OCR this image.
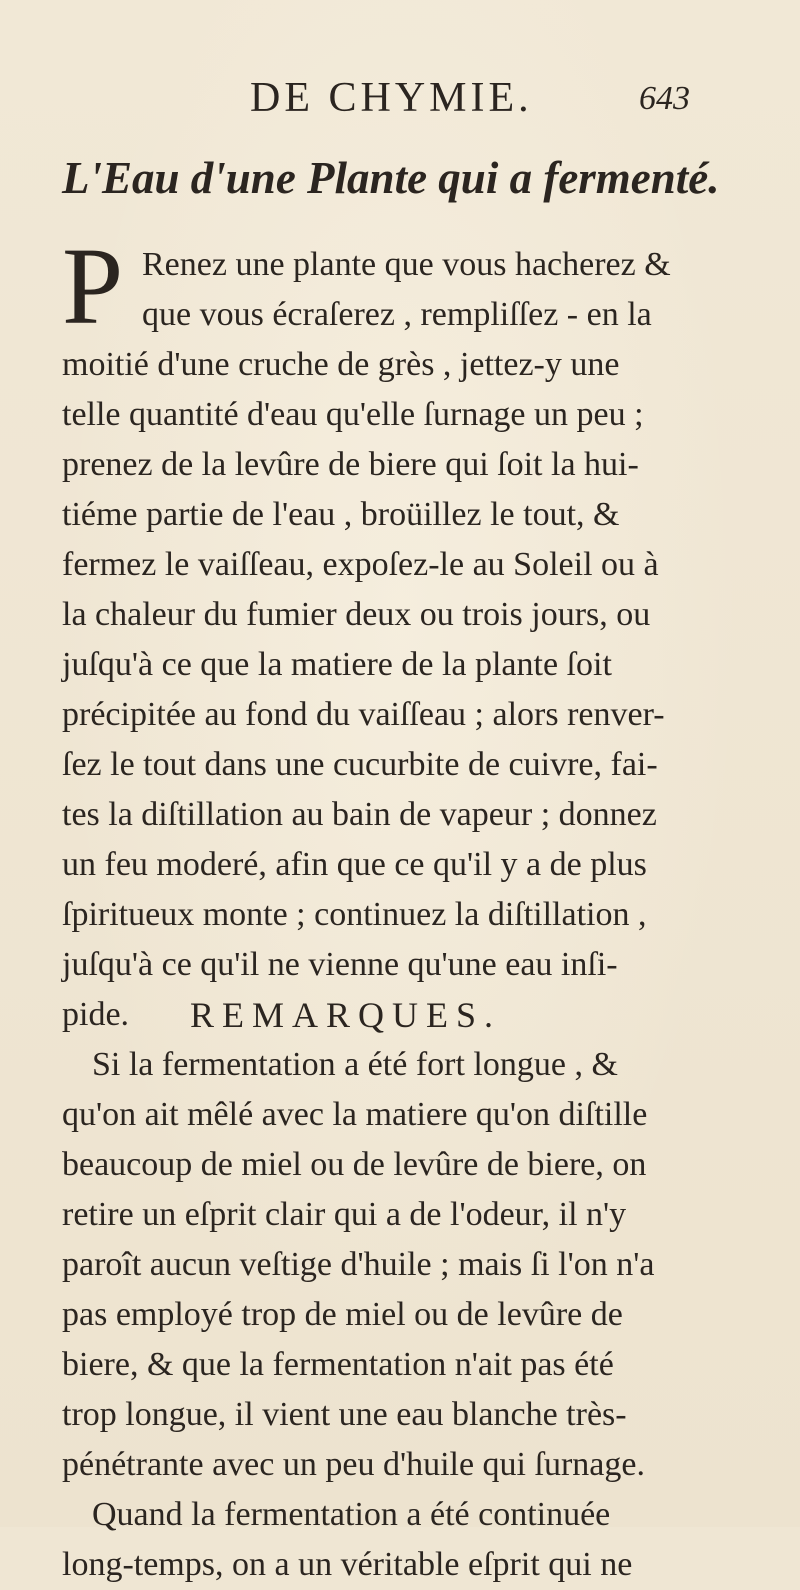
DE CHYMIE.	643
L'Eau d'une Plante qui a fermenté.
P Renez une plante que vous hacherez &
que vous écraſerez , rempliſſez - en la
moitié d'une cruche de grès , jettez-y une
telle quantité d'eau qu'elle ſurnage un peu ;
prenez de la levûre de biere qui ſoit la hui-
tiéme partie de l'eau , broüillez le tout, &
fermez le vaiſſeau, expoſez-le au Soleil ou à
la chaleur du fumier deux ou trois jours, ou
juſqu'à ce que la matiere de la plante ſoit
précipitée au fond du vaiſſeau ; alors renver-
ſez le tout dans une cucurbite de cuivre, fai-
tes la diſtillation au bain de vapeur ; donnez
un feu moderé, afin que ce qu'il y a de plus
ſpiritueux monte ; continuez la diſtillation ,
juſqu'à ce qu'il ne vienne qu'une eau inſi-
pide.	REMARQUES.
Si la fermentation a été fort longue , &
qu'on ait mêlé avec la matiere qu'on diſtille
beaucoup de miel ou de levûre de biere, on
retire un eſprit clair qui a de l'odeur, il n'y
paroît aucun veſtige d'huile ; mais ſi l'on n'a
pas employé trop de miel ou de levûre de
biere, & que la fermentation n'ait pas été
trop longue, il vient une eau blanche très-
pénétrante avec un peu d'huile qui ſurnage.
Quand la fermentation a été continuée
long-temps, on a un véritable eſprit qui ne
